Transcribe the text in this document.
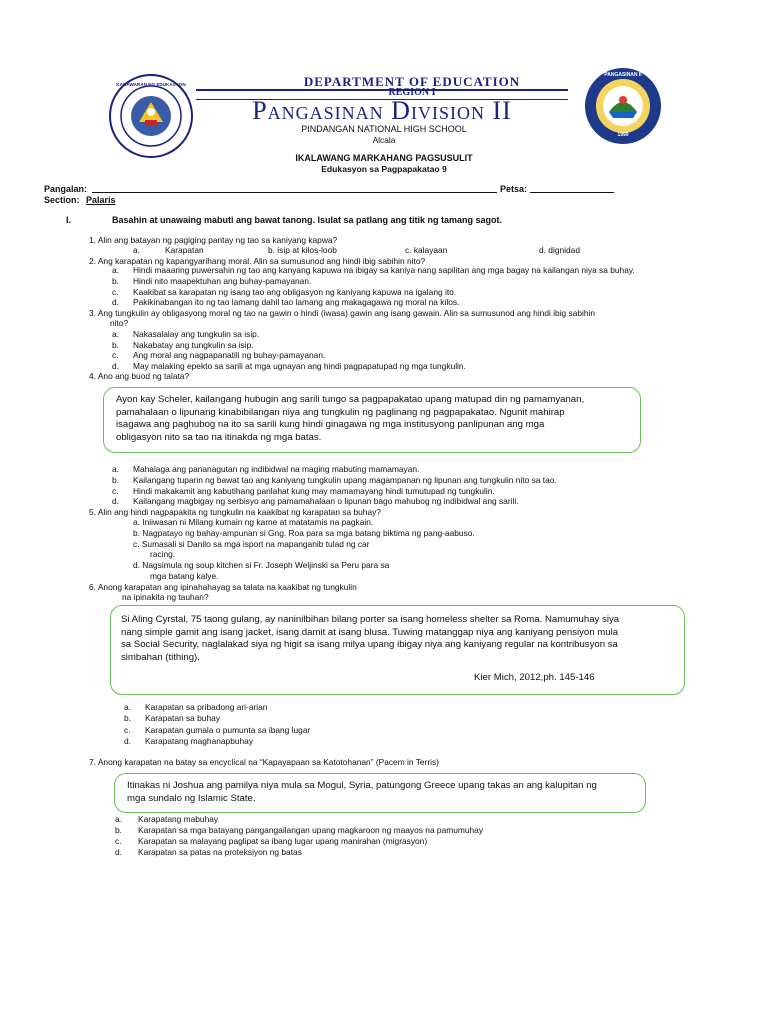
KAGAWARAN NG EDUKASYON	DEPARTMENT OF EDUCATION
REGION I
Pangasinan Division II
PANGASINAN II
1990
PINDANGAN NATIONAL HIGH SCHOOL
Alcala
IKALAWANG MARKAHANG PAGSUSULIT
Edukasyon sa Pagpapakatao 9
Pangalan:	Petsa:
Section: Palaris
I.	Basahin at unawaing mabuti ang bawat tanong. Isulat sa patlang ang titik ng tamang sagot.
1. Alin ang batayan ng pagiging pantay ng tao sa kaniyang kapwa?
a.	Karapatan	b. isip at kilos-loob	c. kalayaan	d. dignidad
2. Ang karapatan ng kapangyarihang moral. Alin sa sumusunod ang hindi ibig sabihin nito?
a. Hindi maaaring puwersahin ng tao ang kanyang kapuwa na ibigay sa kaniya nang sapilitan ang mga bagay na kailangan niya sa buhay.
b. Hindi nito maapektuhan ang buhay-pamayanan.
c. Kaakibat sa karapatan ng isang tao ang obligasyon ng kaniyang kapuwa na igalang ito.
d. Pakikinabangan ito ng tao lamang dahil tao lamang ang makagagawa ng moral na kilos.
3. Ang tungkulin ay obligasyong moral ng tao na gawin o hindi (iwasa) gawin ang isang gawain. Alin sa sumusunod ang hindi ibig sabihin
nito?
a. Nakasalalay ang tungkulin sa isip.
b. Nakabatay ang tungkulin sa isip.
c. Ang moral ang nagpapanatili ng buhay-pamayanan.
d. May malaking epekto sa sarili at mga ugnayan ang hindi pagpapatupad ng mga tungkulin.
4. Ano ang buod ng talata?

Ayon kay Scheler, kailangang hubugin ang sarili tungo sa pagpapakatao upang matupad din ng pamamyanan,

pamahalaan o lipunang kinabibilangan niya ang tungkulin ng paglinang ng pagpapakatao. Ngunit mahirap

isagawa ang paghubog na ito sa sarili kung hindi ginagawa ng mga institusyong panlipunan ang mga

obligasyon nito sa tao na itinakda ng mga batas.

a. Mahalaga ang pananagutan ng indibidwal na maging mabuting mamamayan.
b. Kailangang tuparin ng bawat tao ang kaniyang tungkulin upang magampanan ng lipunan ang tungkulin nito sa tao.
c. Hindi makakamit ang kabutihang panlahat kung may mamamayang hindi tumutupad ng tungkulin.
d. Kailangang magbigay ng serbisyo ang pamamahalaan o lipunan bago mahubog ng indibidwal ang sarili.
5. Alin ang hindi nagpapakita ng tungkulin na kaakibat ng karapatan sa buhay?
a. Iniiwasan ni Milang kumain ng karne at matatamis na pagkain.
b. Nagpatayo ng bahay-ampunan si Gng. Roa para sa mga batang biktima ng pang-aabuso.
c. Sumasali si Danilo sa mga isport na mapanganib tulad ng car
racing.
d. Nagsimula ng soup kitchen si Fr. Joseph Weljinski sa Peru para sa
mga batang kalye.
6. Anong karapatan ang ipinahahayag sa talata na kaakibat ng tungkulin
na ipinakita ng tauhan?

Si Aling Cyrstal, 75 taong gulang, ay naninilbihan bilang porter sa isang homeless shelter sa Roma. Namumuhay siya

nang simple gamit ang isang jacket, isang damit at isang blusa. Tuwing matanggap niya ang kaniyang pensiyon mula

sa Social Security, naglalakad siya ng higit sa isang milya upang ibigay niya ang kaniyang regular na kontribusyon sa

simbahan (tithing).

Kier Mich, 2012,ph. 145-146
a. Karapatan sa pribadong ari-arian
b. Karapatan sa buhay
c. Karapatan gumala o pumunta sa ibang lugar
d. Karapatang maghanapbuhay
7. Anong karapatan na batay sa encyclical na “Kapayapaan sa Katotohanan” (Pacem in Terris)

Itinakas ni Joshua ang pamilya niya mula sa Mogul, Syria, patungong Greece upang takas an ang kalupitan ng

mga sundalo ng Islamic State.

a. Karapatang mabuhay
b. Karapatan sa mga batayang pangangailangan upang magkaroon ng maayos na pamumuhay
c. Karapatan sa malayang paglipat sa ibang lugar upang manirahan (migrasyon)
d. Karapatan sa patas na proteksiyon ng batas
